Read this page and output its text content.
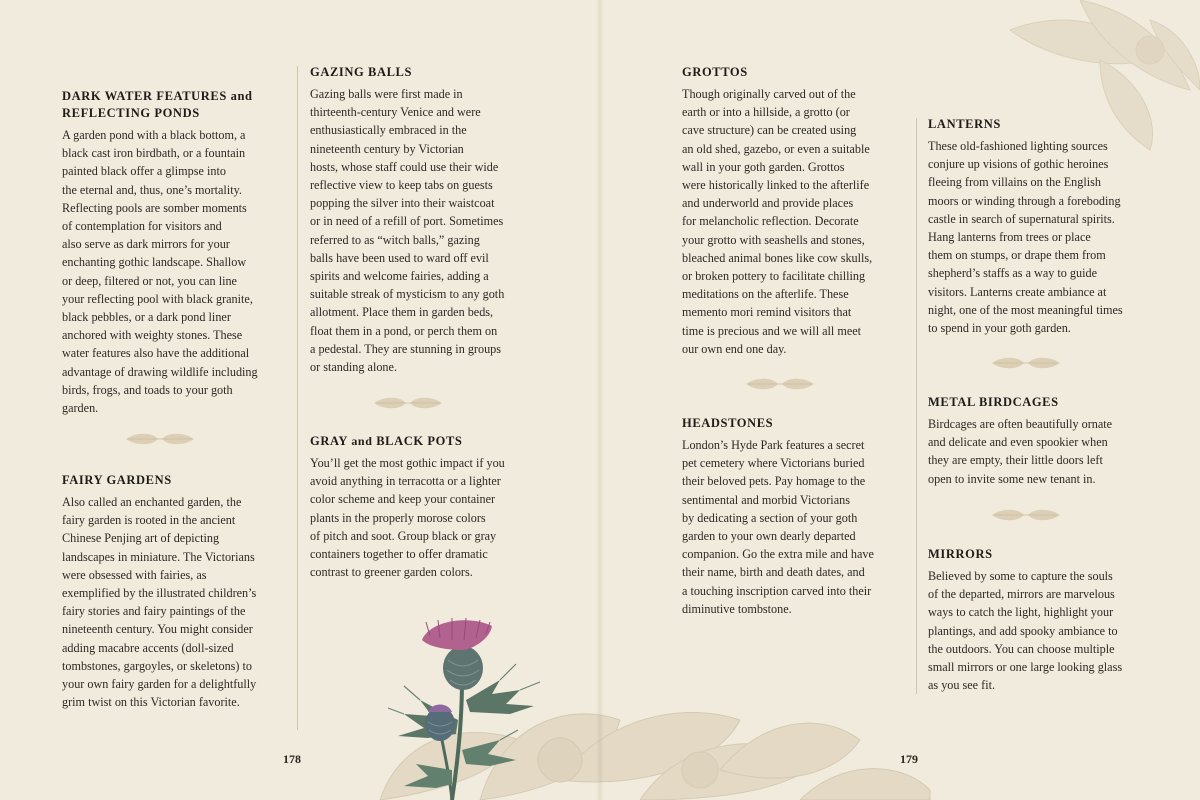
DARK WATER FEATURES and
REFLECTING PONDS

A garden pond with a black bottom, a
black cast iron birdbath, or a fountain
painted black offer a glimpse into
the eternal and, thus, one’s mortality.
Reflecting pools are somber moments
of contemplation for visitors and
also serve as dark mirrors for your
enchanting gothic landscape. Shallow
or deep, filtered or not, you can line
your reflecting pool with black granite,
black pebbles, or a dark pond liner
anchored with weighty stones. These
water features also have the additional
advantage of drawing wildlife including
birds, frogs, and toads to your goth
garden.

FAIRY GARDENS

Also called an enchanted garden, the
fairy garden is rooted in the ancient
Chinese Penjing art of depicting
landscapes in miniature. The Victorians
were obsessed with fairies, as
exemplified by the illustrated children’s
fairy stories and fairy paintings of the
nineteenth century. You might consider
adding macabre accents (doll-sized
tombstones, gargoyles, or skeletons) to
your own fairy garden for a delightfully
grim twist on this Victorian favorite.

GAZING BALLS

Gazing balls were first made in
thirteenth-century Venice and were
enthusiastically embraced in the
nineteenth century by Victorian
hosts, whose staff could use their wide
reflective view to keep tabs on guests
popping the silver into their waistcoat
or in need of a refill of port. Sometimes
referred to as “witch balls,” gazing
balls have been used to ward off evil
spirits and welcome fairies, adding a
suitable streak of mysticism to any goth
allotment. Place them in garden beds,
float them in a pond, or perch them on
a pedestal. They are stunning in groups
or standing alone.

GRAY and BLACK POTS

You’ll get the most gothic impact if you
avoid anything in terracotta or a lighter
color scheme and keep your container
plants in the properly morose colors
of pitch and soot. Group black or gray
containers together to offer dramatic
contrast to greener garden colors.

178
GROTTOS

Though originally carved out of the
earth or into a hillside, a grotto (or
cave structure) can be created using
an old shed, gazebo, or even a suitable
wall in your goth garden. Grottos
were historically linked to the afterlife
and underworld and provide places
for melancholic reflection. Decorate
your grotto with seashells and stones,
bleached animal bones like cow skulls,
or broken pottery to facilitate chilling
meditations on the afterlife. These
memento mori remind visitors that
time is precious and we will all meet
our own end one day.

HEADSTONES

London’s Hyde Park features a secret
pet cemetery where Victorians buried
their beloved pets. Pay homage to the
sentimental and morbid Victorians
by dedicating a section of your goth
garden to your own dearly departed
companion. Go the extra mile and have
their name, birth and death dates, and
a touching inscription carved into their
diminutive tombstone.

LANTERNS

These old-fashioned lighting sources
conjure up visions of gothic heroines
fleeing from villains on the English
moors or winding through a foreboding
castle in search of supernatural spirits.
Hang lanterns from trees or place
them on stumps, or drape them from
shepherd’s staffs as a way to guide
visitors. Lanterns create ambiance at
night, one of the most meaningful times
to spend in your goth garden.

METAL BIRDCAGES

Birdcages are often beautifully ornate
and delicate and even spookier when
they are empty, their little doors left
open to invite some new tenant in.

MIRRORS

Believed by some to capture the souls
of the departed, mirrors are marvelous
ways to catch the light, highlight your
plantings, and add spooky ambiance to
the outdoors. You can choose multiple
small mirrors or one large looking glass
as you see fit.

179
